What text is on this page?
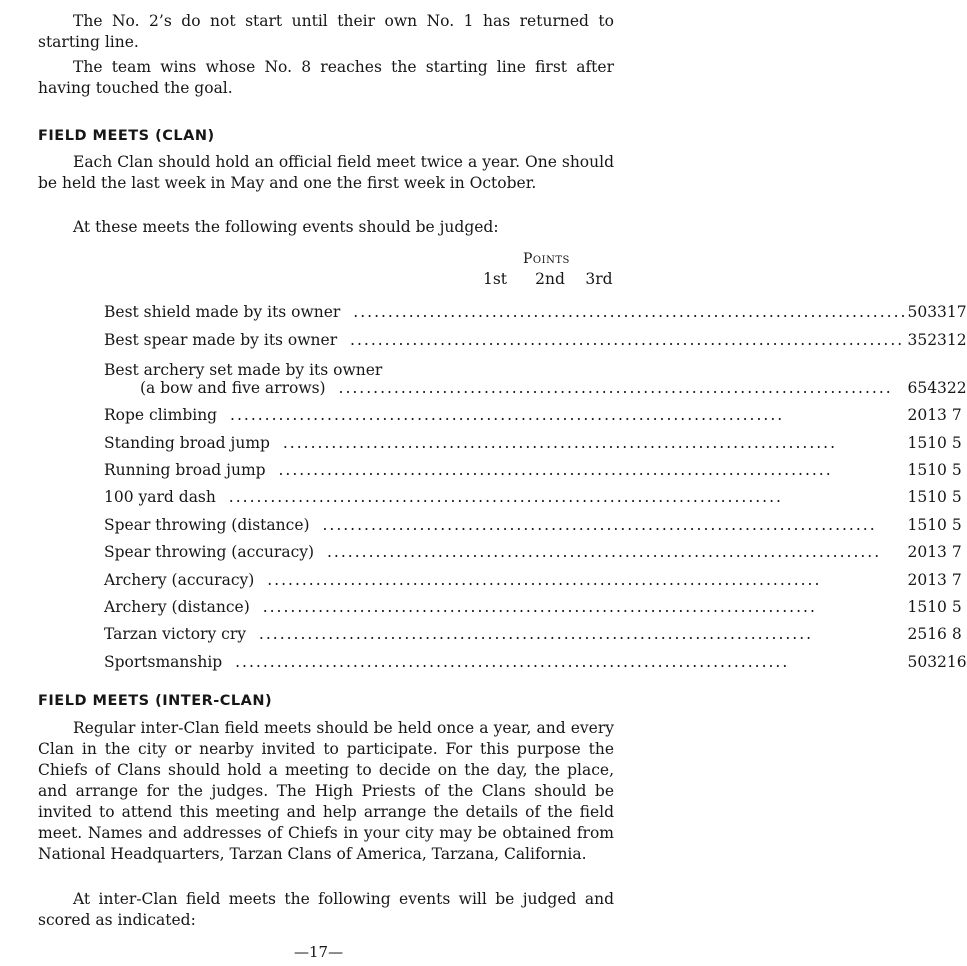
The No. 2’s do not start until their own No. 1 has returned to starting line.

The team wins whose No. 8 reaches the starting line first after having touched the goal.

FIELD MEETS (CLAN)

Each Clan should hold an official field meet twice a year. One should be held the last week in May and one the first week in October.

At these meets the following events should be judged:

Points
1st	2nd 3rd
Best shield made by its owner ................................................................................	50	33	17
Best spear made by its owner ................................................................................	35	23	12

Best archery set made by its owner
(a bow and five arrows) ................................................................................	65	43	22
Rope climbing ................................................................................	20	13	7
Standing broad jump ................................................................................	15	10	5
Running broad jump ................................................................................	15	10	5
100 yard dash ................................................................................	15	10	5
Spear throwing (distance) ................................................................................	15	10	5
Spear throwing (accuracy) ................................................................................	20	13	7
Archery (accuracy) ................................................................................	20	13	7
Archery (distance) ................................................................................	15	10	5
Tarzan victory cry ................................................................................	25	16	8
Sportsmanship ................................................................................	50	32	16
FIELD MEETS (INTER-CLAN)

Regular inter-Clan field meets should be held once a year, and every Clan in the city or nearby invited to participate. For this purpose the Chiefs of Clans should hold a meeting to decide on the day, the place, and arrange for the judges. The High Priests of the Clans should be invited to attend this meeting and help arrange the details of the field meet. Names and addresses of Chiefs in your city may be obtained from National Headquarters, Tarzan Clans of America, Tarzana, California.

At inter-Clan field meets the following events will be judged and scored as indicated:

—17—
